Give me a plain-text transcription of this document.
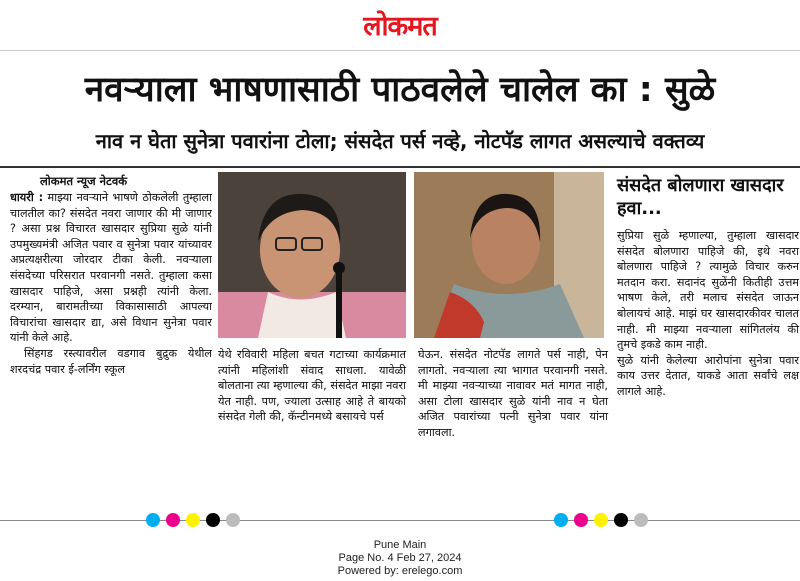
लोकमत
नवऱ्याला भाषणासाठी पाठवलेले चालेल का : सुळे
नाव न घेता सुनेत्रा पवारांना टोला; संसदेत पर्स नव्हे, नोटपॅड लागत असल्याचे वक्तव्य
लोकमत न्यूज नेटवर्क

धायरी : माझ्या नवऱ्याने भाषणे ठोकलेली तुम्हाला चालतील का? संसदेत नवरा जाणार की मी जाणार ? असा प्रश्न विचारत खासदार सुप्रिया सुळे यांनी उपमुख्यमंत्री अजित पवार व सुनेत्रा पवार यांच्यावर अप्रत्यक्षरीत्या जोरदार टीका केली. नवऱ्याला संसदेच्या परिसरात परवानगी नसते. तुम्हाला कसा खासदार पाहिजे, असा प्रश्नही त्यांनी केला. दरम्यान, बारामतीच्या विकासासाठी आपल्या विचारांचा खासदार द्या, असे विधान सुनेत्रा पवार यांनी केले आहे.

सिंहगड रस्त्यावरील वडगाव बुद्रुक येथील शरदचंद्र पवार ई-लर्निंग स्कूल

येथे रविवारी महिला बचत गटाच्या कार्यक्रमात त्यांनी महिलांशी संवाद साधला. यावेळी बोलताना त्या म्हणाल्या की, संसदेत माझा नवरा येत नाही. पण, ज्याला उत्साह आहे ते बायको संसदेत गेली की, कॅन्टीनमध्ये बसायचे पर्स
घेऊन. संसदेत नोटपॅड लागते पर्स नाही, पेन लागतो. नवऱ्याला त्या भागात परवानगी नसते. मी माझ्या नवऱ्याच्या नावावर मतं मागत नाही, असा टोला खासदार सुळे यांनी नाव न घेता अजित पवारांच्या पत्नी सुनेत्रा पवार यांना लगावला.
संसदेत बोलणारा खासदार हवा...

सुप्रिया सुळे म्हणाल्या, तुम्हाला खासदार संसदेत बोलणारा पाहिजे की, इथे नवरा बोलणारा पाहिजे ? त्यामुळे विचार करुन मतदान करा. सदानंद सुळेंनी कितीही उत्तम भाषण केले, तरी मलाच संसदेत जाऊन बोलायचं आहे. माझं घर खासदारकीवर चालत नाही. मी माझ्या नवऱ्याला सांगितलंय की तुमचे इकडे काम नाही.

सुळे यांनी केलेल्या आरोपांना सुनेत्रा पवार काय उत्तर देतात, याकडे आता सर्वांचे लक्ष लागले आहे.

Pune Main
Page No. 4 Feb 27, 2024
Powered by: erelego.com
